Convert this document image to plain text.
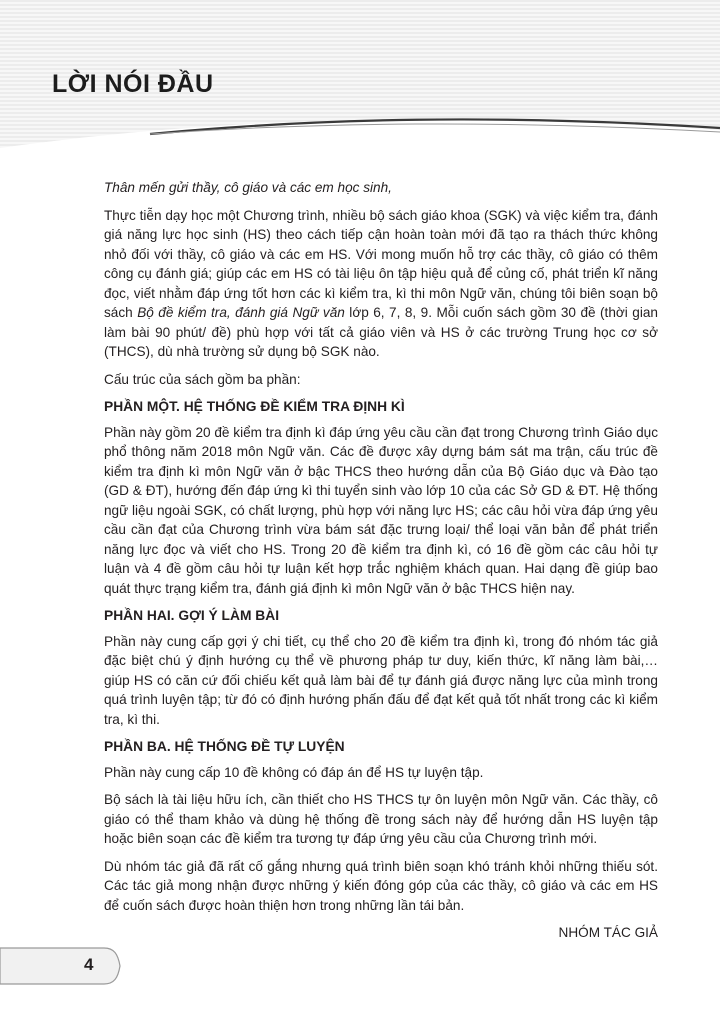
LỜI NÓI ĐẦU

Thân mến gửi thầy, cô giáo và các em học sinh,

Thực tiễn dạy học một Chương trình, nhiều bộ sách giáo khoa (SGK) và việc kiểm tra, đánh giá năng lực học sinh (HS) theo cách tiếp cận hoàn toàn mới đã tạo ra thách thức không nhỏ đối với thầy, cô giáo và các em HS. Với mong muốn hỗ trợ các thầy, cô giáo có thêm công cụ đánh giá; giúp các em HS có tài liệu ôn tập hiệu quả để củng cố, phát triển kĩ năng đọc, viết nhằm đáp ứng tốt hơn các kì kiểm tra, kì thi môn Ngữ văn, chúng tôi biên soạn bộ sách Bộ đề kiểm tra, đánh giá Ngữ văn lớp 6, 7, 8, 9. Mỗi cuốn sách gồm 30 đề (thời gian làm bài 90 phút/ đề) phù hợp với tất cả giáo viên và HS ở các trường Trung học cơ sở (THCS), dù nhà trường sử dụng bộ SGK nào.

Cấu trúc của sách gồm ba phần:

PHẦN MỘT. HỆ THỐNG ĐỀ KIỂM TRA ĐỊNH KÌ

Phần này gồm 20 đề kiểm tra định kì đáp ứng yêu cầu cần đạt trong Chương trình Giáo dục phổ thông năm 2018 môn Ngữ văn. Các đề được xây dựng bám sát ma trận, cấu trúc đề kiểm tra định kì môn Ngữ văn ở bậc THCS theo hướng dẫn của Bộ Giáo dục và Đào tạo (GD & ĐT), hướng đến đáp ứng kì thi tuyển sinh vào lớp 10 của các Sở GD & ĐT. Hệ thống ngữ liệu ngoài SGK, có chất lượng, phù hợp với năng lực HS; các câu hỏi vừa đáp ứng yêu cầu cần đạt của Chương trình vừa bám sát đặc trưng loại/ thể loại văn bản để phát triển năng lực đọc và viết cho HS. Trong 20 đề kiểm tra định kì, có 16 đề gồm các câu hỏi tự luận và 4 đề gồm câu hỏi tự luận kết hợp trắc nghiệm khách quan. Hai dạng đề giúp bao quát thực trạng kiểm tra, đánh giá định kì môn Ngữ văn ở bậc THCS hiện nay.

PHẦN HAI. GỢI Ý LÀM BÀI

Phần này cung cấp gợi ý chi tiết, cụ thể cho 20 đề kiểm tra định kì, trong đó nhóm tác giả đặc biệt chú ý định hướng cụ thể về phương pháp tư duy, kiến thức, kĩ năng làm bài,… giúp HS có căn cứ đối chiếu kết quả làm bài để tự đánh giá được năng lực của mình trong quá trình luyện tập; từ đó có định hướng phấn đấu để đạt kết quả tốt nhất trong các kì kiểm tra, kì thi.

PHẦN BA. HỆ THỐNG ĐỀ TỰ LUYỆN

Phần này cung cấp 10 đề không có đáp án để HS tự luyện tập.

Bộ sách là tài liệu hữu ích, cần thiết cho HS THCS tự ôn luyện môn Ngữ văn. Các thầy, cô giáo có thể tham khảo và dùng hệ thống đề trong sách này để hướng dẫn HS luyện tập hoặc biên soạn các đề kiểm tra tương tự đáp ứng yêu cầu của Chương trình mới.

Dù nhóm tác giả đã rất cố gắng nhưng quá trình biên soạn khó tránh khỏi những thiếu sót. Các tác giả mong nhận được những ý kiến đóng góp của các thầy, cô giáo và các em HS để cuốn sách được hoàn thiện hơn trong những lần tái bản.

NHÓM TÁC GIẢ
4
